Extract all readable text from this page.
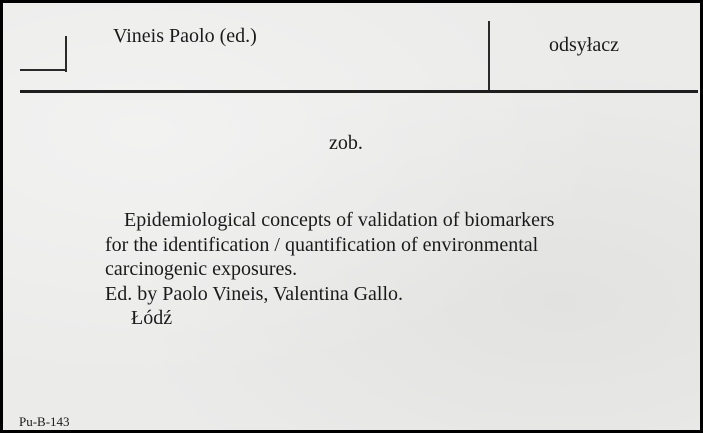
Vineis Paolo (ed.)	odsyłacz

zob.

Epidemiological concepts of validation of biomarkers
for the identification / quantification of environmental
carcinogenic exposures.
Ed. by Paolo Vineis, Valentina Gallo.
Łódź

Pu-B-143
